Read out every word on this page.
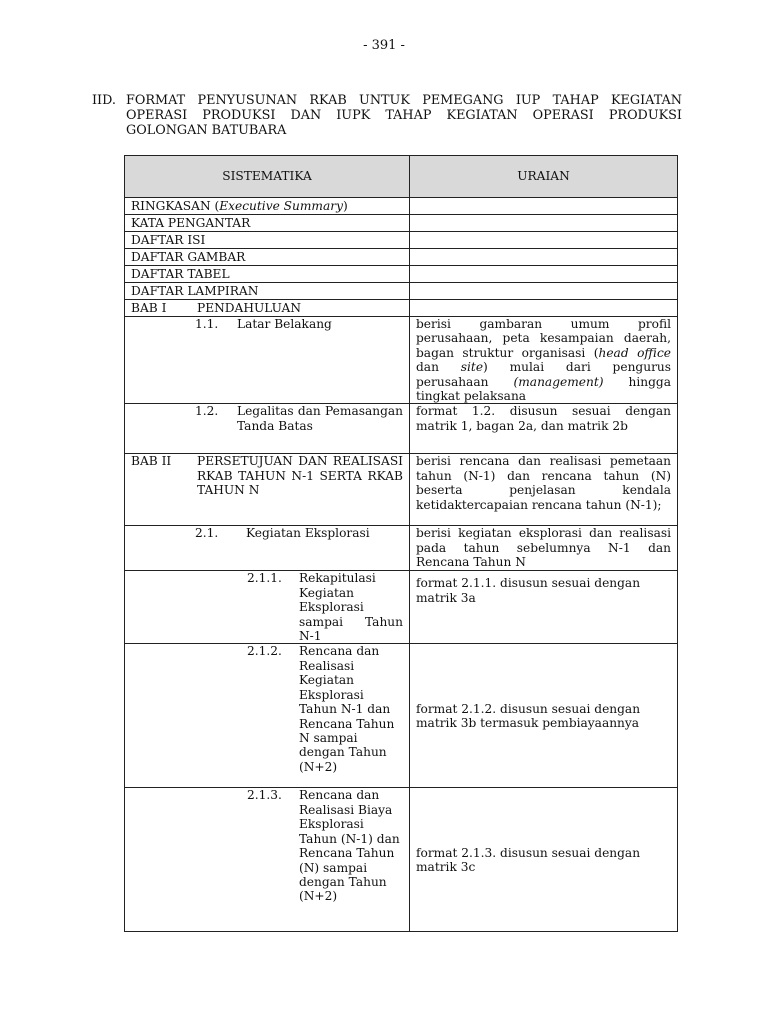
- 391 -
IID. FORMAT PENYUSUNAN RKAB UNTUK PEMEGANG IUP TAHAP KEGIATAN OPERASI PRODUKSI DAN IUPK TAHAP KEGIATAN OPERASI PRODUKSI GOLONGAN BATUBARA
SISTEMATIKA	URAIAN
RINGKASAN (Executive Summary)	
KATA PENGANTAR	
DAFTAR ISI	
DAFTAR GAMBAR	
DAFTAR TABEL	
DAFTAR LAMPIRAN	

BAB I PENDAHULUAN	

1.1. Latar Belakang	berisi gambaran umum profil perusahaan, peta kesampaian daerah, bagan struktur organisasi (head office dan site) mulai dari pengurus perusahaan (management) hingga tingkat pelaksana

1.2. Legalitas dan Pemasangan Tanda Batas	format 1.2. disusun sesuai dengan matrik 1, bagan 2a, dan matrik 2b

BAB II PERSETUJUAN DAN REALISASI RKAB TAHUN N-1 SERTA RKAB TAHUN N	berisi rencana dan realisasi pemetaan tahun (N-1) dan rencana tahun (N) beserta penjelasan kendala ketidaktercapaian rencana tahun (N-1);

2.1. Kegiatan Eksplorasi	berisi kegiatan eksplorasi dan realisasi pada tahun sebelumnya N-1 dan Rencana Tahun N

2.1.1. Rekapitulasi Kegiatan Eksplorasi sampai Tahun N-1	format 2.1.1. disusun sesuai dengan matrik 3a

2.1.2. Rencana dan Realisasi Kegiatan Eksplorasi Tahun N-1 dan Rencana Tahun N sampai dengan Tahun (N+2)	format 2.1.2. disusun sesuai dengan matrik 3b termasuk pembiayaannya

2.1.3. Rencana dan Realisasi Biaya Eksplorasi Tahun (N-1) dan Rencana Tahun (N) sampai dengan Tahun (N+2)	format 2.1.3. disusun sesuai dengan matrik 3c
